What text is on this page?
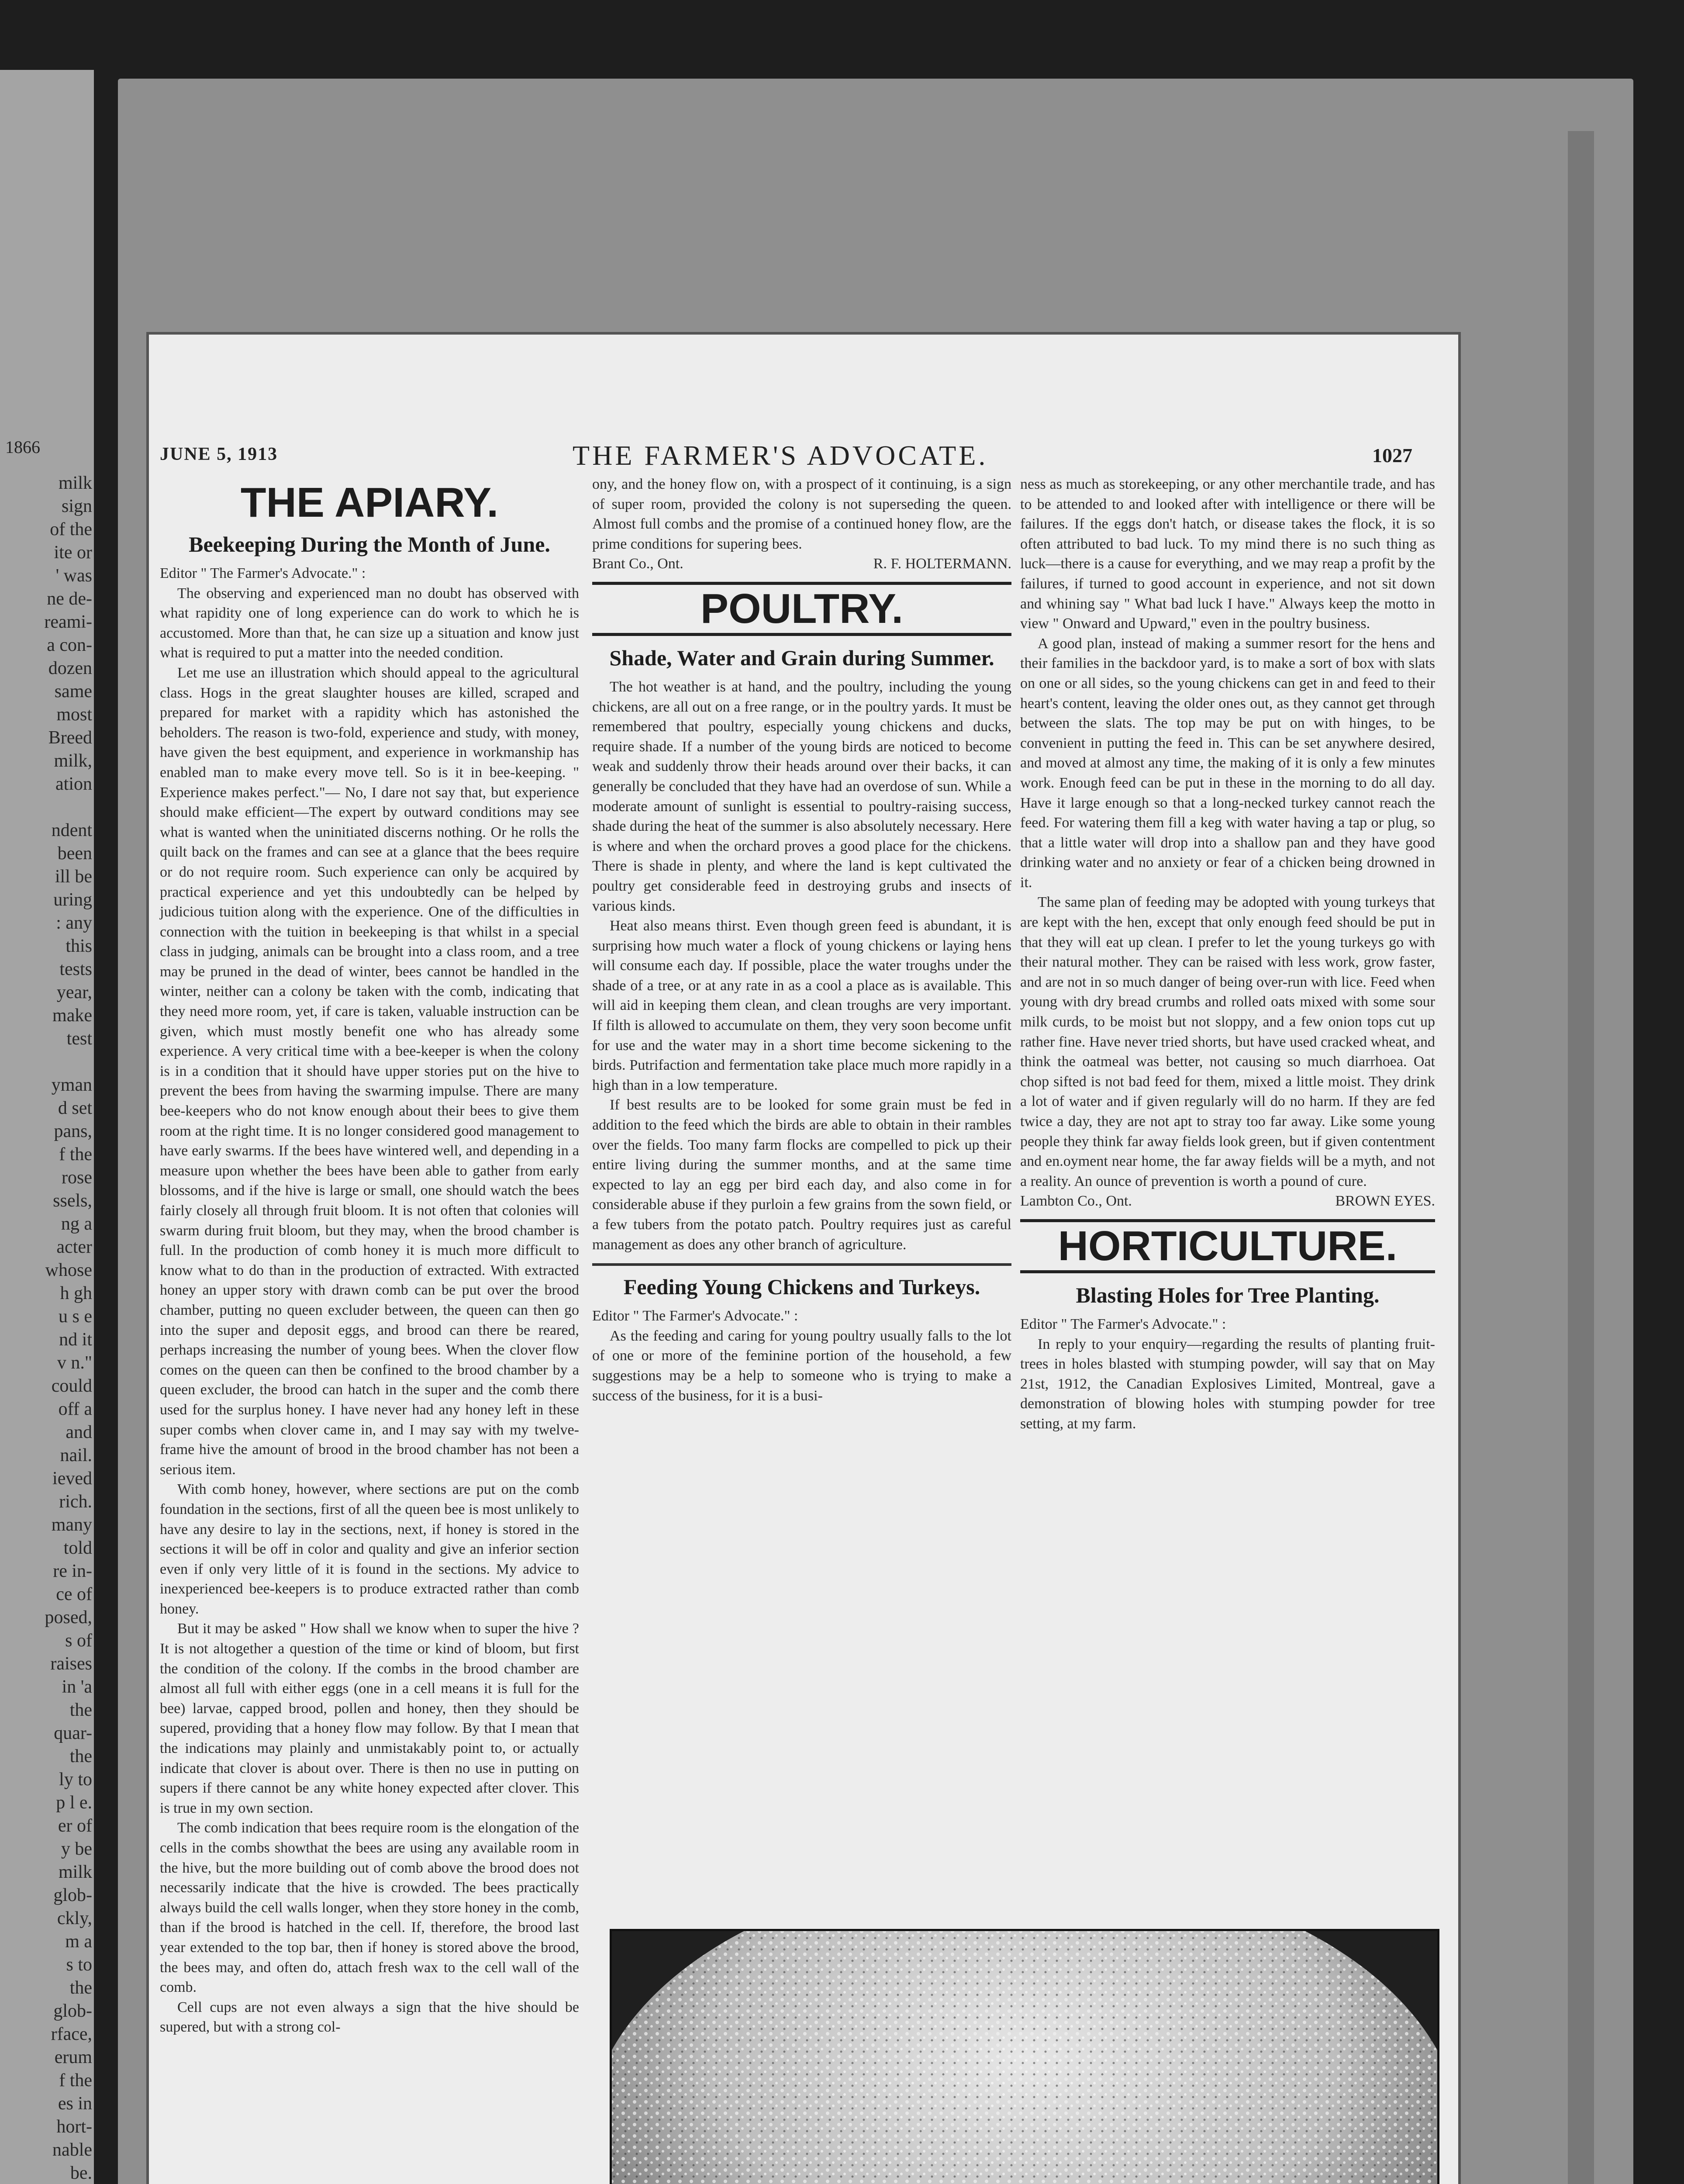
1866
milk
sign
of the
ite or
' was
ne de-
reami-
a con-
dozen
same
most
Breed
milk,
ation

ndent
been
ill be
uring
: any
this
tests
year,
make
test

yman
d set
pans,
f the
rose
ssels,
ng a
acter
whose
h gh
u s e
nd it
v n."
could
off a
and
nail.
ieved
rich.
many
told
re in-
ce of
posed,
s of
raises
in 'a
the
quar-
the
ly to
p l e.
er of
y be
milk
glob-
ckly,
m a
s to
the
glob-
rface,
erum
f the
es in
hort-
nable
be.

JUNE 5, 1913	THE FARMER'S ADVOCATE.	1027
THE APIARY.
Beekeeping During the Month of June.

Editor " The Farmer's Advocate." :

The observing and experienced man no doubt has observed with what rapidity one of long experience can do work to which he is accustomed. More than that, he can size up a situation and know just what is required to put a matter into the needed condition.

Let me use an illustration which should appeal to the agricultural class. Hogs in the great slaughter houses are killed, scraped and prepared for market with a rapidity which has astonished the beholders. The reason is two-fold, experience and study, with money, have given the best equipment, and experience in workmanship has enabled man to make every move tell. So is it in bee-keeping. " Experience makes perfect."— No, I dare not say that, but experience should make efficient—The expert by outward conditions may see what is wanted when the uninitiated discerns nothing. Or he rolls the quilt back on the frames and can see at a glance that the bees require or do not require room. Such experience can only be acquired by practical experience and yet this undoubtedly can be helped by judicious tuition along with the experience. One of the difficulties in connection with the tuition in beekeeping is that whilst in a special class in judging, animals can be brought into a class room, and a tree may be pruned in the dead of winter, bees cannot be handled in the winter, neither can a colony be taken with the comb, indicating that they need more room, yet, if care is taken, valuable instruction can be given, which must mostly benefit one who has already some experience. A very critical time with a bee-keeper is when the colony is in a condition that it should have upper stories put on the hive to prevent the bees from having the swarming impulse. There are many bee-keepers who do not know enough about their bees to give them room at the right time. It is no longer considered good management to have early swarms. If the bees have wintered well, and depending in a measure upon whether the bees have been able to gather from early blossoms, and if the hive is large or small, one should watch the bees fairly closely all through fruit bloom. It is not often that colonies will swarm during fruit bloom, but they may, when the brood chamber is full. In the production of comb honey it is much more difficult to know what to do than in the production of extracted. With extracted honey an upper story with drawn comb can be put over the brood chamber, putting no queen excluder between, the queen can then go into the super and deposit eggs, and brood can there be reared, perhaps increasing the number of young bees. When the clover flow comes on the queen can then be confined to the brood chamber by a queen excluder, the brood can hatch in the super and the comb there used for the surplus honey. I have never had any honey left in these super combs when clover came in, and I may say with my twelve-frame hive the amount of brood in the brood chamber has not been a serious item.

With comb honey, however, where sections are put on the comb foundation in the sections, first of all the queen bee is most unlikely to have any desire to lay in the sections, next, if honey is stored in the sections it will be off in color and quality and give an inferior section even if only very little of it is found in the sections. My advice to inexperienced bee-keepers is to produce extracted rather than comb honey.

But it may be asked " How shall we know when to super the hive ? It is not altogether a question of the time or kind of bloom, but first the condition of the colony. If the combs in the brood chamber are almost all full with either eggs (one in a cell means it is full for the bee) larvae, capped brood, pollen and honey, then they should be supered, providing that a honey flow may follow. By that I mean that the indications may plainly and unmistakably point to, or actually indicate that clover is about over. There is then no use in putting on supers if there cannot be any white honey expected after clover. This is true in my own section.

The comb indication that bees require room is the elongation of the cells in the combs showthat the bees are using any available room in the hive, but the more building out of comb above the brood does not necessarily indicate that the hive is crowded. The bees practically always build the cell walls longer, when they store honey in the comb, than if the brood is hatched in the cell. If, therefore, the brood last year extended to the top bar, then if honey is stored above the brood, the bees may, and often do, attach fresh wax to the cell wall of the comb.

Cell cups are not even always a sign that the hive should be supered, but with a strong col-

ony, and the honey flow on, with a prospect of it continuing, is a sign of super room, provided the colony is not superseding the queen. Almost full combs and the promise of a continued honey flow, are the prime conditions for supering bees.

Brant Co., Ont.	R. F. HOLTERMANN.
POULTRY.
Shade, Water and Grain during Summer.

The hot weather is at hand, and the poultry, including the young chickens, are all out on a free range, or in the poultry yards. It must be remembered that poultry, especially young chickens and ducks, require shade. If a number of the young birds are noticed to become weak and suddenly throw their heads around over their backs, it can generally be concluded that they have had an overdose of sun. While a moderate amount of sunlight is essential to poultry-raising success, shade during the heat of the summer is also absolutely necessary. Here is where and when the orchard proves a good place for the chickens. There is shade in plenty, and where the land is kept cultivated the poultry get considerable feed in destroying grubs and insects of various kinds.

Heat also means thirst. Even though green feed is abundant, it is surprising how much water a flock of young chickens or laying hens will consume each day. If possible, place the water troughs under the shade of a tree, or at any rate in as a cool a place as is available. This will aid in keeping them clean, and clean troughs are very important. If filth is allowed to accumulate on them, they very soon become unfit for use and the water may in a short time become sickening to the birds. Putrifaction and fermentation take place much more rapidly in a high than in a low temperature.

If best results are to be looked for some grain must be fed in addition to the feed which the birds are able to obtain in their rambles over the fields. Too many farm flocks are compelled to pick up their entire living during the summer months, and at the same time expected to lay an egg per bird each day, and also come in for considerable abuse if they purloin a few grains from the sown field, or a few tubers from the potato patch. Poultry requires just as careful management as does any other branch of agriculture.

Feeding Young Chickens and Turkeys.

Editor " The Farmer's Advocate." :

As the feeding and caring for young poultry usually falls to the lot of one or more of the feminine portion of the household, a few suggestions may be a help to someone who is trying to make a success of the business, for it is a busi-

ness as much as storekeeping, or any other merchantile trade, and has to be attended to and looked after with intelligence or there will be failures. If the eggs don't hatch, or disease takes the flock, it is so often attributed to bad luck. To my mind there is no such thing as luck—there is a cause for everything, and we may reap a profit by the failures, if turned to good account in experience, and not sit down and whining say " What bad luck I have." Always keep the motto in view " Onward and Upward," even in the poultry business.

A good plan, instead of making a summer resort for the hens and their families in the backdoor yard, is to make a sort of box with slats on one or all sides, so the young chickens can get in and feed to their heart's content, leaving the older ones out, as they cannot get through between the slats. The top may be put on with hinges, to be convenient in putting the feed in. This can be set anywhere desired, and moved at almost any time, the making of it is only a few minutes work. Enough feed can be put in these in the morning to do all day. Have it large enough so that a long-necked turkey cannot reach the feed. For watering them fill a keg with water having a tap or plug, so that a little water will drop into a shallow pan and they have good drinking water and no anxiety or fear of a chicken being drowned in it.

The same plan of feeding may be adopted with young turkeys that are kept with the hen, except that only enough feed should be put in that they will eat up clean. I prefer to let the young turkeys go with their natural mother. They can be raised with less work, grow faster, and are not in so much danger of being over-run with lice. Feed when young with dry bread crumbs and rolled oats mixed with some sour milk curds, to be moist but not sloppy, and a few onion tops cut up rather fine. Have never tried shorts, but have used cracked wheat, and think the oatmeal was better, not causing so much diarrhoea. Oat chop sifted is not bad feed for them, mixed a little moist. They drink a lot of water and if given regularly will do no harm. If they are fed twice a day, they are not apt to stray too far away. Like some young people they think far away fields look green, but if given contentment and en.oyment near home, the far away fields will be a myth, and not a reality. An ounce of prevention is worth a pound of cure.

Lambton Co., Ont.	BROWN EYES.
HORTICULTURE.
Blasting Holes for Tree Planting.

Editor " The Farmer's Advocate." :

In reply to your enquiry—regarding the results of planting fruit-trees in holes blasted with stumping powder, will say that on May 21st, 1912, the Canadian Explosives Limited, Montreal, gave a demonstration of blowing holes with stumping powder for tree setting, at my farm.
